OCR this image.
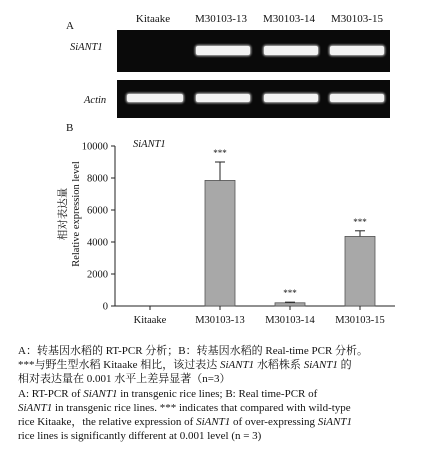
A
Kitaake	M30103-13	M30103-14	M30103-15
SiANT1
Actin
B
0
2000
4000
6000
8000
10000 SiANT1
相对表达量 Relative expression level
Kitaake
***
M30103-13
***
M30103-14
***
M30103-15
A：转基因水稻的 RT-PCR 分析；B：转基因水稻的 Real-time PCR 分析。
***与野生型水稻 Kitaake 相比，该过表达 SiANT1 水稻株系 SiANT1 的
相对表达量在 0.001 水平上差异显著（n=3）
A: RT-PCR of SiANT1 in transgenic rice lines; B: Real time-PCR of
SiANT1 in transgenic rice lines. *** indicates that compared with wild-type
rice Kitaake，the relative expression of SiANT1 of over-expressing SiANT1
rice lines is significantly different at 0.001 level (n = 3)
